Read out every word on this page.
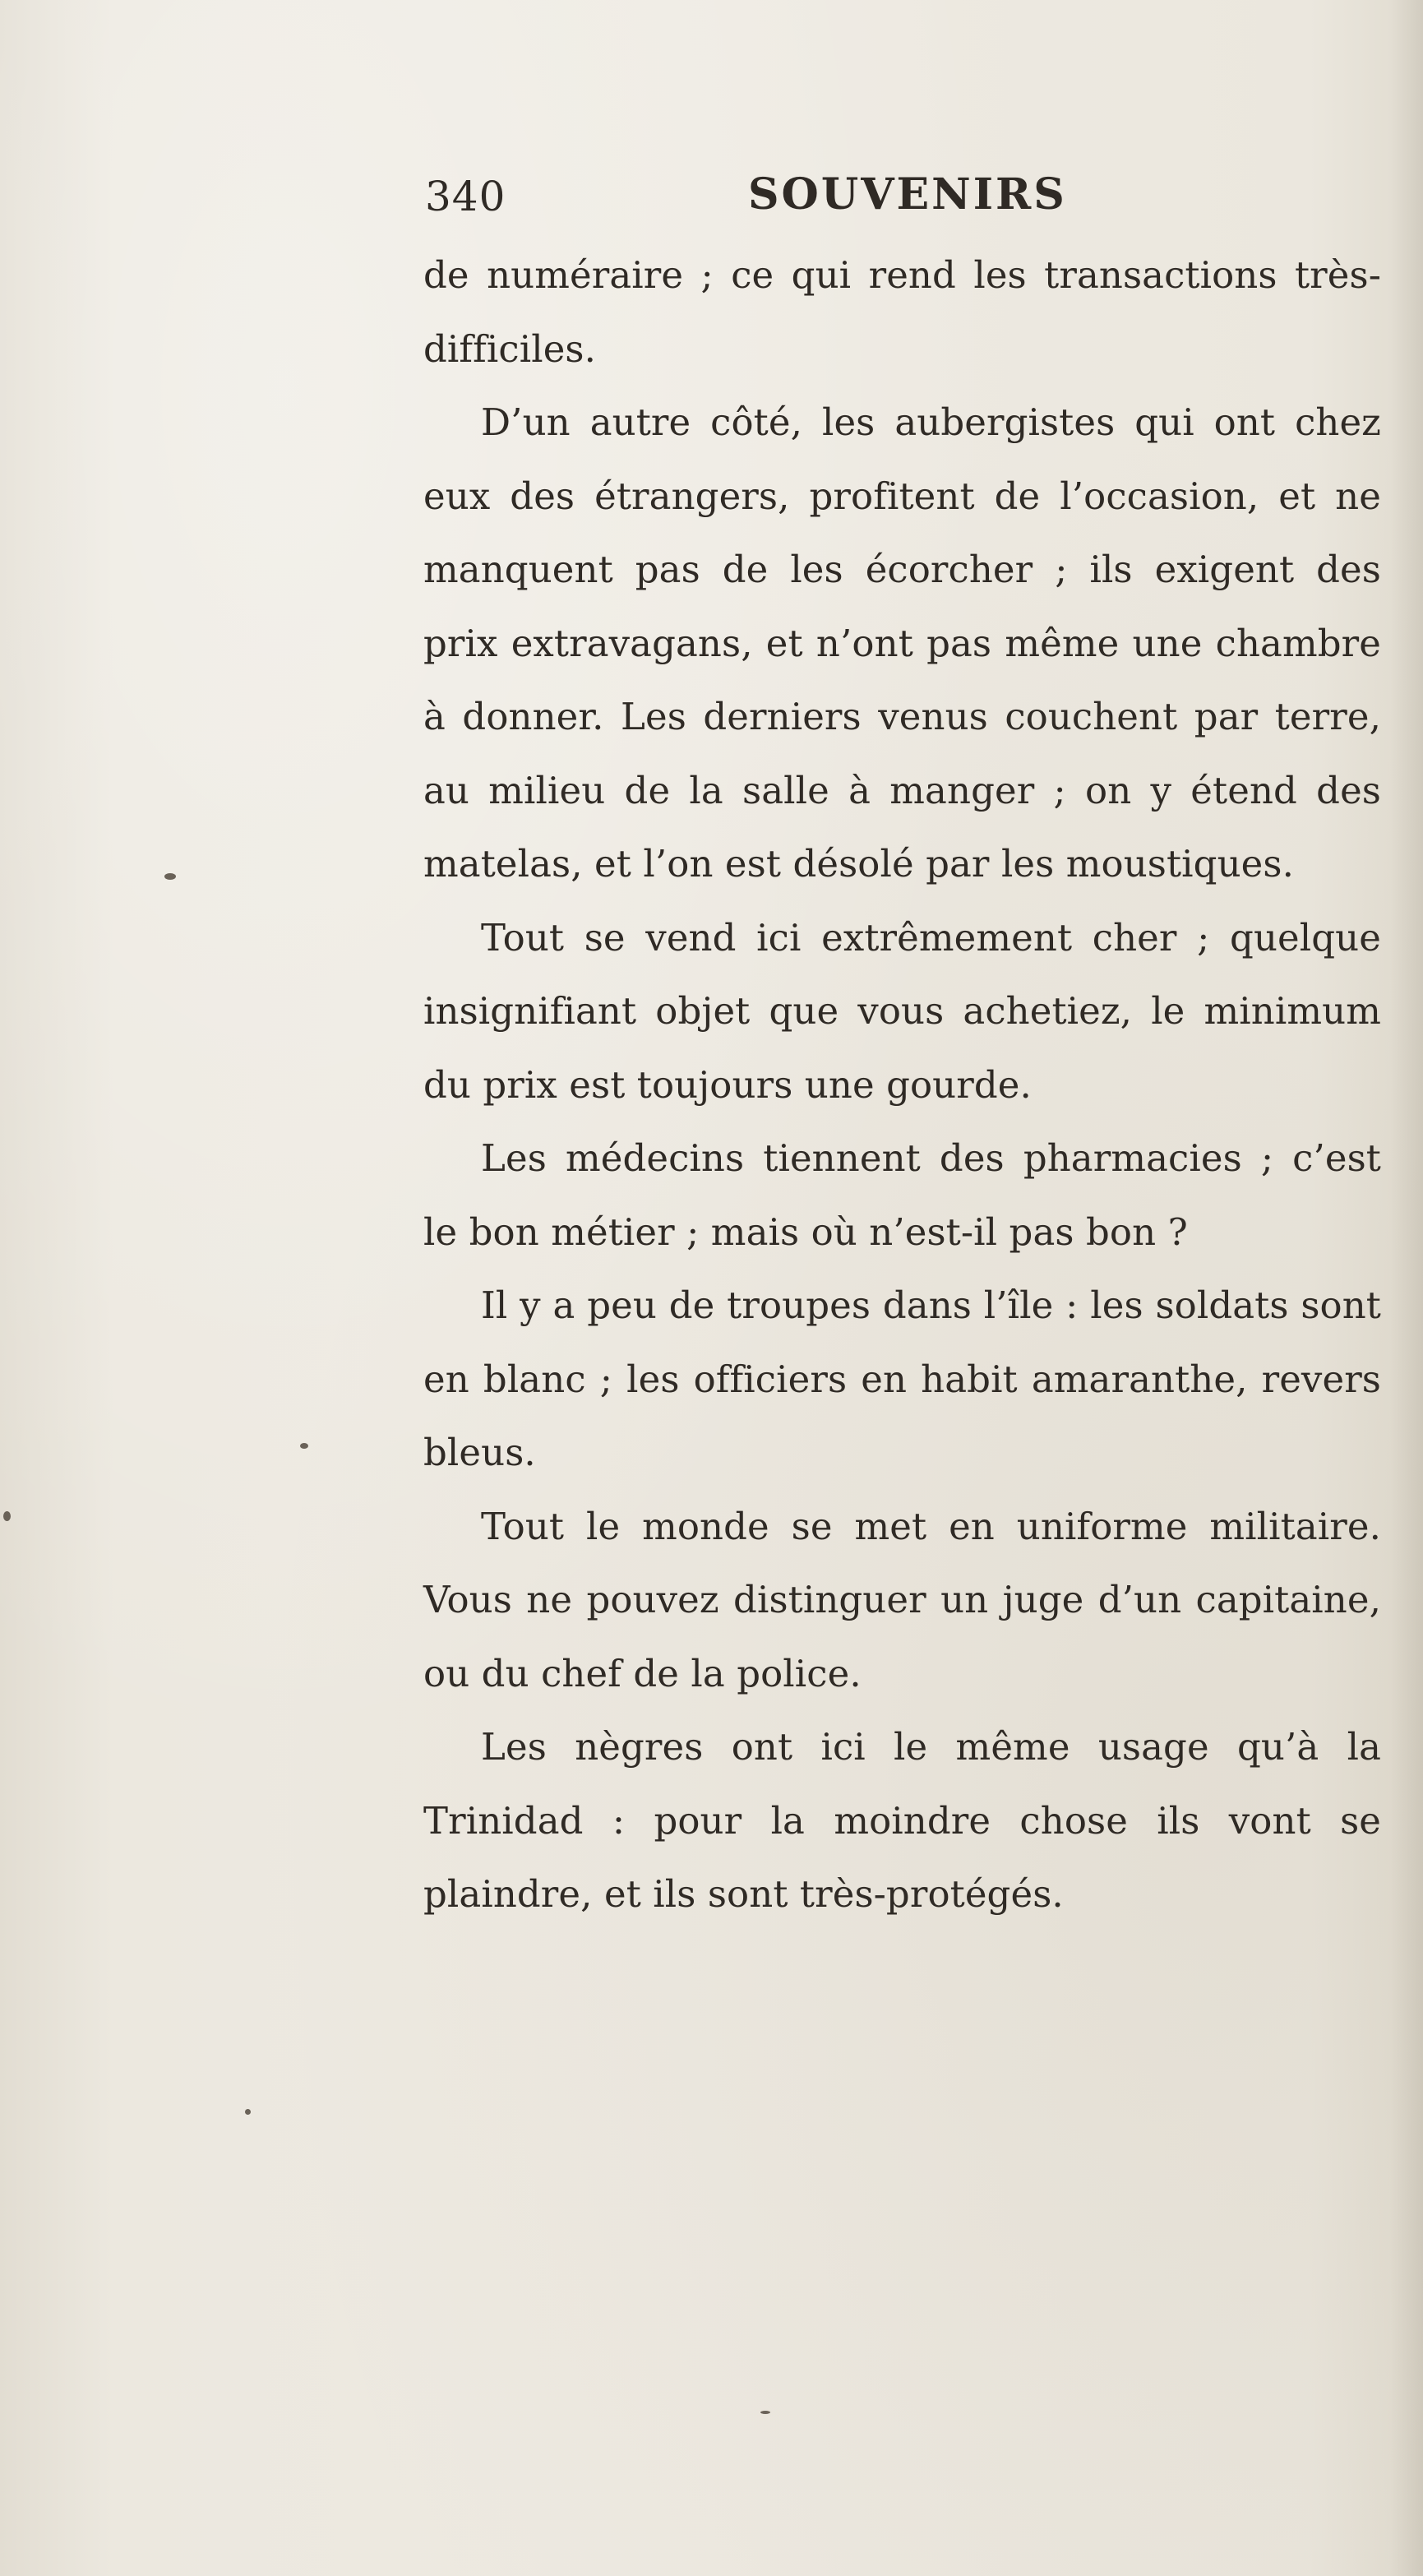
340	SOUVENIRS

de numéraire ; ce qui rend les transactions très-difficiles.

D’un autre côté, les aubergistes qui ont chez eux des étrangers, profitent de l’occasion, et ne manquent pas de les écorcher ; ils exigent des prix extravagans, et n’ont pas même une chambre à donner. Les derniers venus couchent par terre, au milieu de la salle à manger ; on y étend des matelas, et l’on est désolé par les moustiques.

Tout se vend ici extrêmement cher ; quelque insignifiant objet que vous achetiez, le minimum du prix est toujours une gourde.

Les médecins tiennent des pharmacies ; c’est le bon métier ; mais où n’est-il pas bon ?

Il y a peu de troupes dans l’île : les soldats sont en blanc ; les officiers en habit amaranthe, revers bleus.

Tout le monde se met en uniforme militaire. Vous ne pouvez distinguer un juge d’un capitaine, ou du chef de la police.

Les nègres ont ici le même usage qu’à la Trinidad : pour la moindre chose ils vont se plaindre, et ils sont très-protégés.
